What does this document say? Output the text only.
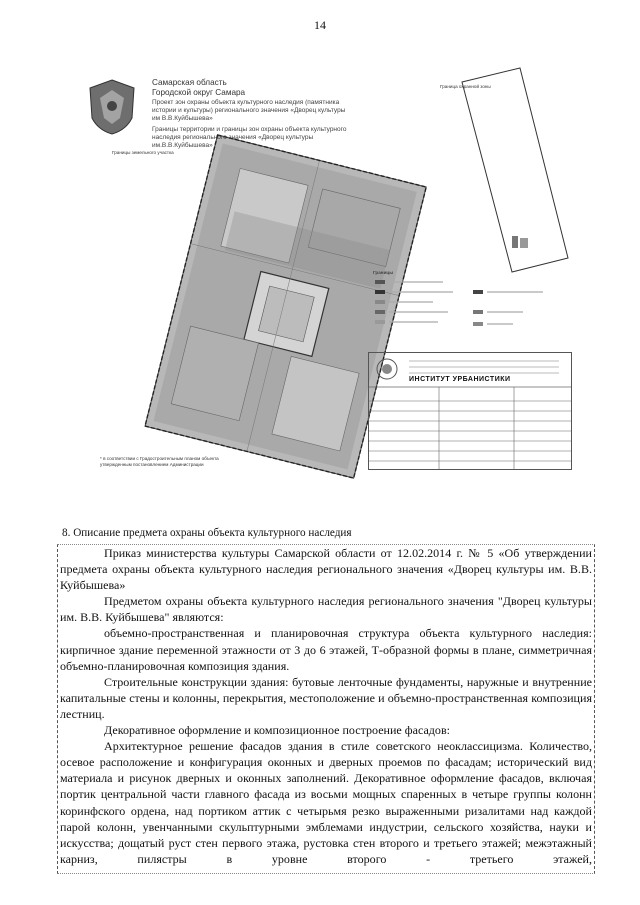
14
Самарская область
Городской округ Самара
Проект зон охраны объекта культурного наследия (памятника истории и культуры) регионального значения «Дворец культуры им В.В.Куйбышева»
Границы территории и границы зон охраны объекта культурного наследия регионального значения «Дворец культуры им.В.В.Куйбышева»
Границы земельного участка
Граница охранной зоны
* в соответствии с Градостроительным планом объекта утвержденным постановлением Администрации
Границы
ИНСТИТУТ УРБАНИСТИКИ
8. Описание предмета охраны объекта культурного наследия

Приказ министерства культуры Самарской области от 12.02.2014 г. № 5 «Об утверждении предмета охраны объекта культурного наследия регионального значения «Дворец культуры им. В.В. Куйбышева»

Предметом охраны объекта культурного наследия регионального значения "Дворец культуры им. В.В. Куйбышева" являются:

объемно-пространственная и планировочная структура объекта культурного наследия: кирпичное здание переменной этажности от 3 до 6 этажей, Т-образной формы в плане, симметричная объемно-планировочная композиция здания.

Строительные конструкции здания: бутовые ленточные фундаменты, наружные и внутренние капитальные стены и колонны, перекрытия, местоположение и объемно-пространственная композиция лестниц.

Декоративное оформление и композиционное построение фасадов:

Архитектурное решение фасадов здания в стиле советского неоклассицизма. Количество, осевое расположение и конфигурация оконных и дверных проемов по фасадам; исторический вид материала и рисунок дверных и оконных заполнений. Декоративное оформление фасадов, включая портик центральной части главного фасада из восьми мощных спаренных в четыре группы колонн коринфского ордена, над портиком аттик с четырьмя резко выраженными ризалитами над каждой парой колонн, увенчанными скульптурными эмблемами индустрии, сельского хозяйства, науки и искусства; дощатый руст стен первого этажа, рустовка стен второго и третьего этажей; межэтажный карниз, пилястры в уровне второго - третьего этажей,
